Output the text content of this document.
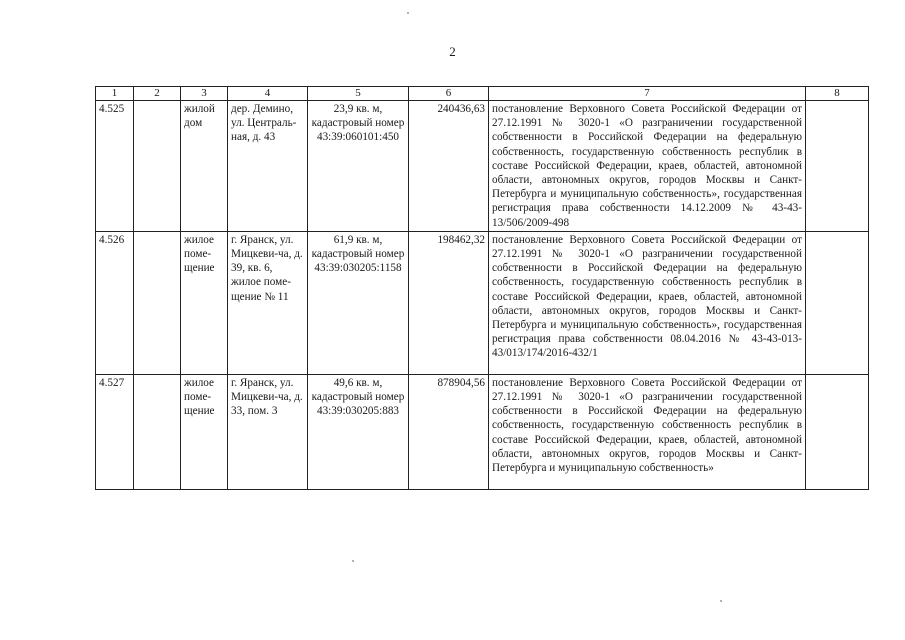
2
1	2	3	4	5	6	7	8
4.525		жилой дом	дер. Демино, ул. Централь-ная, д. 43	23,9 кв. м, кадастровый номер 43:39:060101:450	240436,63	постановление Верховного Совета Российской Федерации от 27.12.1991 № 3020-1 «О разграничении государственной собственности в Российской Федерации на федеральную собственность, государственную собственность республик в составе Российской Федерации, краев, областей, автономной области, автономных округов, городов Москвы и Санкт-Петербурга и муниципальную собственность», государственная регистрация права собственности 14.12.2009 № 43-43-13/506/2009-498	
4.526		жилое поме-щение	г. Яранск, ул. Мицкеви-ча, д. 39, кв. 6, жилое поме-щение № 11	61,9 кв. м, кадастровый номер 43:39:030205:1158	198462,32	постановление Верховного Совета Российской Федерации от 27.12.1991 № 3020-1 «О разграничении государственной собственности в Российской Федерации на федеральную собственность, государственную собственность республик в составе Российской Федерации, краев, областей, автономной области, автономных округов, городов Москвы и Санкт-Петербурга и муниципальную собственность», государственная регистрация права собственности 08.04.2016 № 43-43-013-43/013/174/2016-432/1	
4.527		жилое поме-щение	г. Яранск, ул. Мицкеви-ча, д. 33, пом. 3	49,6 кв. м, кадастровый номер 43:39:030205:883	878904,56	постановление Верховного Совета Российской Федерации от 27.12.1991 № 3020-1 «О разграничении государственной собственности в Российской Федерации на федеральную собственность, государственную собственность республик в составе Российской Федерации, краев, областей, автономной области, автономных округов, городов Москвы и Санкт-Петербурга и муниципальную собственность»	
